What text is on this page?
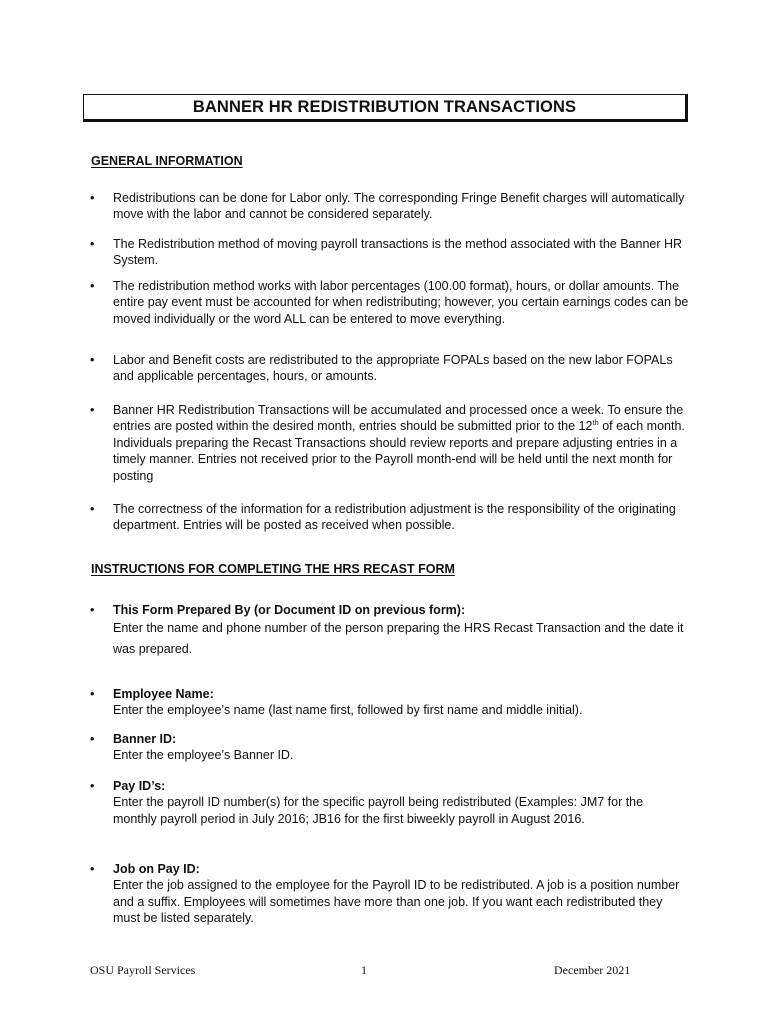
BANNER HR REDISTRIBUTION TRANSACTIONS
GENERAL INFORMATION
•	Redistributions can be done for Labor only. The corresponding Fringe Benefit charges will automatically move with the labor and cannot be considered separately.
•	The Redistribution method of moving payroll transactions is the method associated with the Banner HR System.
•	The redistribution method works with labor percentages (100.00 format), hours, or dollar amounts. The entire pay event must be accounted for when redistributing; however, you certain earnings codes can be moved individually or the word ALL can be entered to move everything.
•	Labor and Benefit costs are redistributed to the appropriate FOPALs based on the new labor FOPALs and applicable percentages, hours, or amounts.
•	Banner HR Redistribution Transactions will be accumulated and processed once a week. To ensure the entries are posted within the desired month, entries should be submitted prior to the 12th of each month. Individuals preparing the Recast Transactions should review reports and prepare adjusting entries in a timely manner. Entries not received prior to the Payroll month-end will be held until the next month for posting
•	The correctness of the information for a redistribution adjustment is the responsibility of the originating department. Entries will be posted as received when possible.
INSTRUCTIONS FOR COMPLETING THE HRS RECAST FORM
•	This Form Prepared By (or Document ID on previous form):
Enter the name and phone number of the person preparing the HRS Recast Transaction and the date it was prepared.
•	Employee Name:
Enter the employee’s name (last name first, followed by first name and middle initial).
•	Banner ID:
Enter the employee’s Banner ID.
•	Pay ID’s:
Enter the payroll ID number(s) for the specific payroll being redistributed (Examples: JM7 for the monthly payroll period in July 2016; JB16 for the first biweekly payroll in August 2016.
•	Job on Pay ID:
Enter the job assigned to the employee for the Payroll ID to be redistributed. A job is a position number and a suffix. Employees will sometimes have more than one job. If you want each redistributed they must be listed separately.
OSU Payroll Services	1	December 2021
